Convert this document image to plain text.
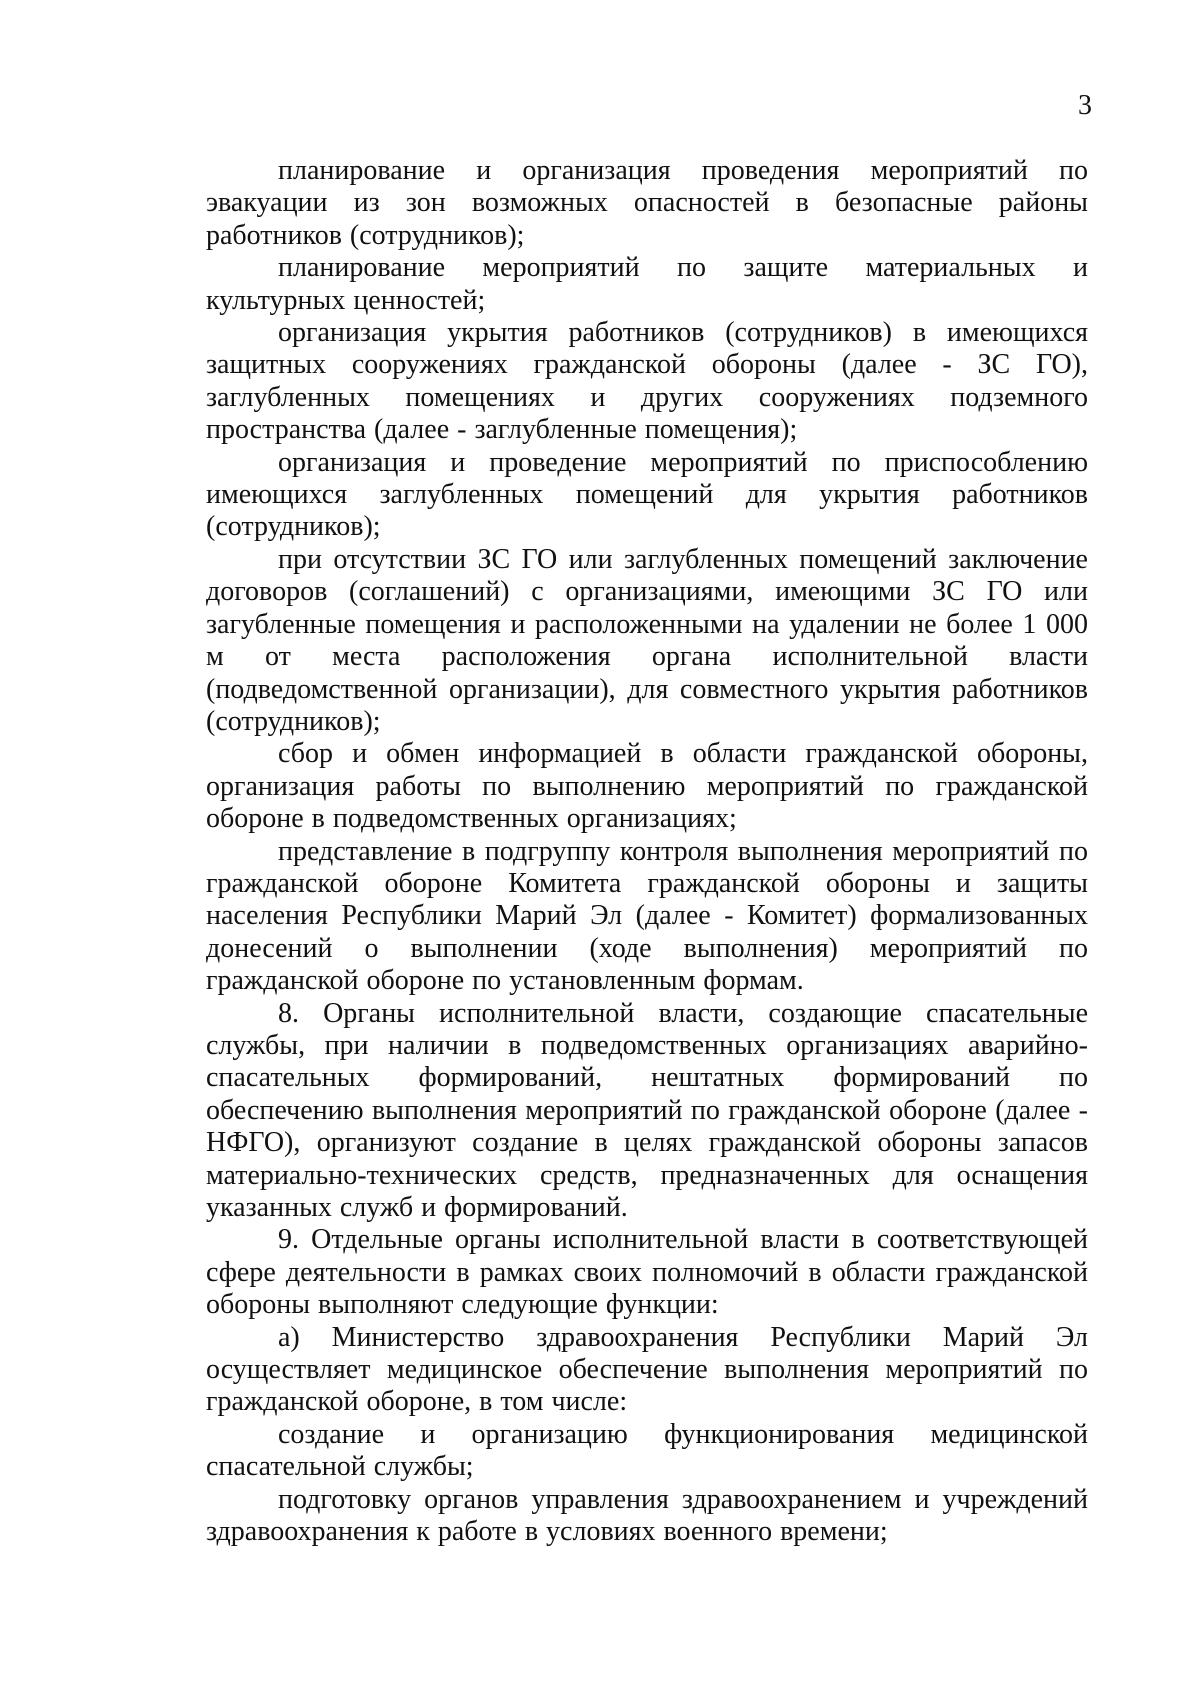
3

планирование и организация проведения мероприятий по эвакуации из зон возможных опасностей в безопасные районы работников (сотрудников);

планирование мероприятий по защите материальных и культурных ценностей;

организация укрытия работников (сотрудников) в имеющихся защитных сооружениях гражданской обороны (далее - ЗС ГО), заглубленных помещениях и других сооружениях подземного пространства (далее - заглубленные помещения);

организация и проведение мероприятий по приспособлению имеющихся заглубленных помещений для укрытия работников (сотрудников);

при отсутствии ЗС ГО или заглубленных помещений заключение договоров (соглашений) с организациями, имеющими ЗС ГО или загубленные помещения и расположенными на удалении не более 1 000 м от места расположения органа исполнительной власти (подведомственной организации), для совместного укрытия работников (сотрудников);

сбор и обмен информацией в области гражданской обороны, организация работы по выполнению мероприятий по гражданской обороне в подведомственных организациях;

представление в подгруппу контроля выполнения мероприятий по гражданской обороне Комитета гражданской обороны и защиты населения Республики Марий Эл (далее - Комитет) формализованных донесений о выполнении (ходе выполнения) мероприятий по гражданской обороне по установленным формам.

8. Органы исполнительной власти, создающие спасательные службы, при наличии в подведомственных организациях аварийно-спасательных формирований, нештатных формирований по обеспечению выполнения мероприятий по гражданской обороне (далее - НФГО), организуют создание в целях гражданской обороны запасов материально-технических средств, предназначенных для оснащения указанных служб и формирований.

9. Отдельные органы исполнительной власти в соответствующей сфере деятельности в рамках своих полномочий в области гражданской обороны выполняют следующие функции:

а) Министерство здравоохранения Республики Марий Эл осуществляет медицинское обеспечение выполнения мероприятий по гражданской обороне, в том числе:

создание и организацию функционирования медицинской спасательной службы;

подготовку органов управления здравоохранением и учреждений здравоохранения к работе в условиях военного времени;
